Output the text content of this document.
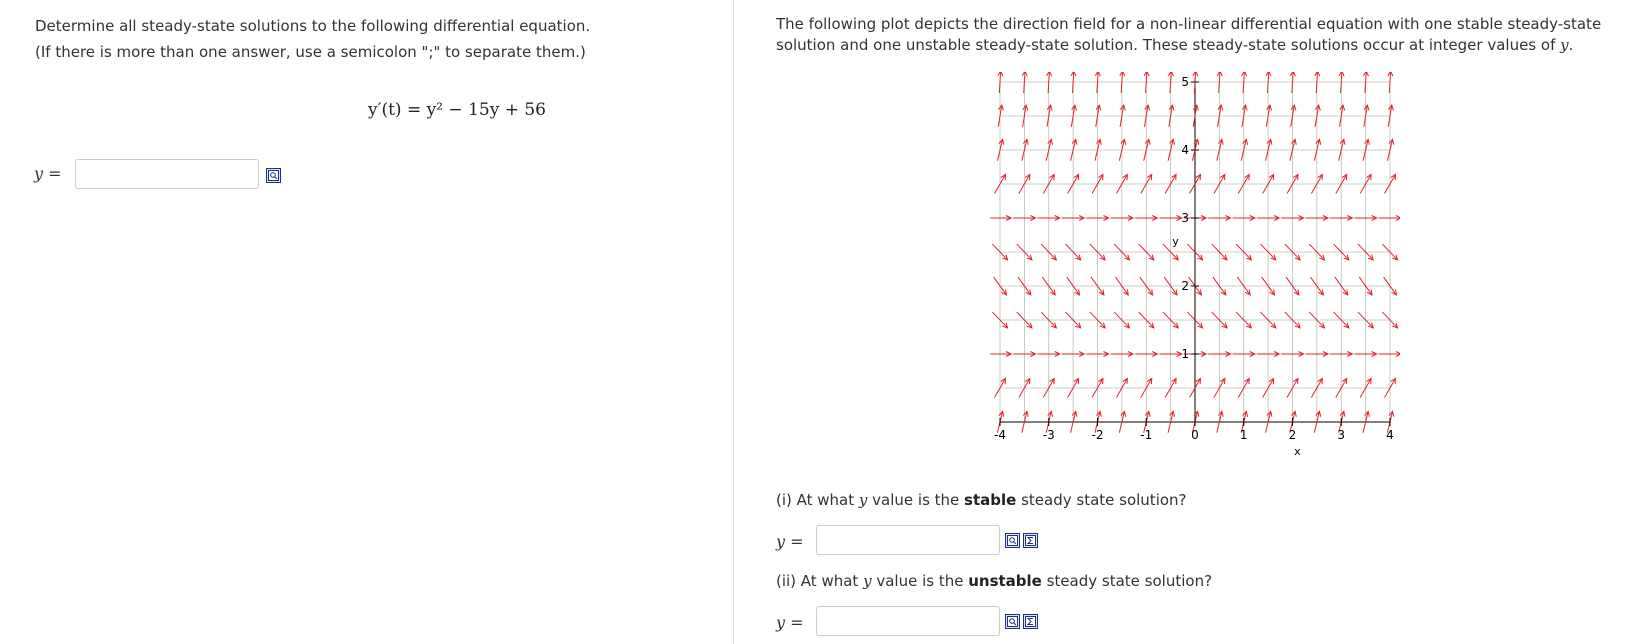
Determine all steady-state solutions to the following differential equation.
(If there is more than one answer, use a semicolon ";" to separate them.)
y′(t) = y² − 15y + 56
y =
The following plot depicts the direction field for a non-linear differential equation with one stable steady-state
solution and one unstable steady-state solution. These steady-state solutions occur at integer values of y.
-4	-3	-2	-1	0	1	2	3	4
1
2
3
4
5
x
y
(i) At what y value is the stable steady state solution?
y =
(ii) At what y value is the unstable steady state solution?
y =
